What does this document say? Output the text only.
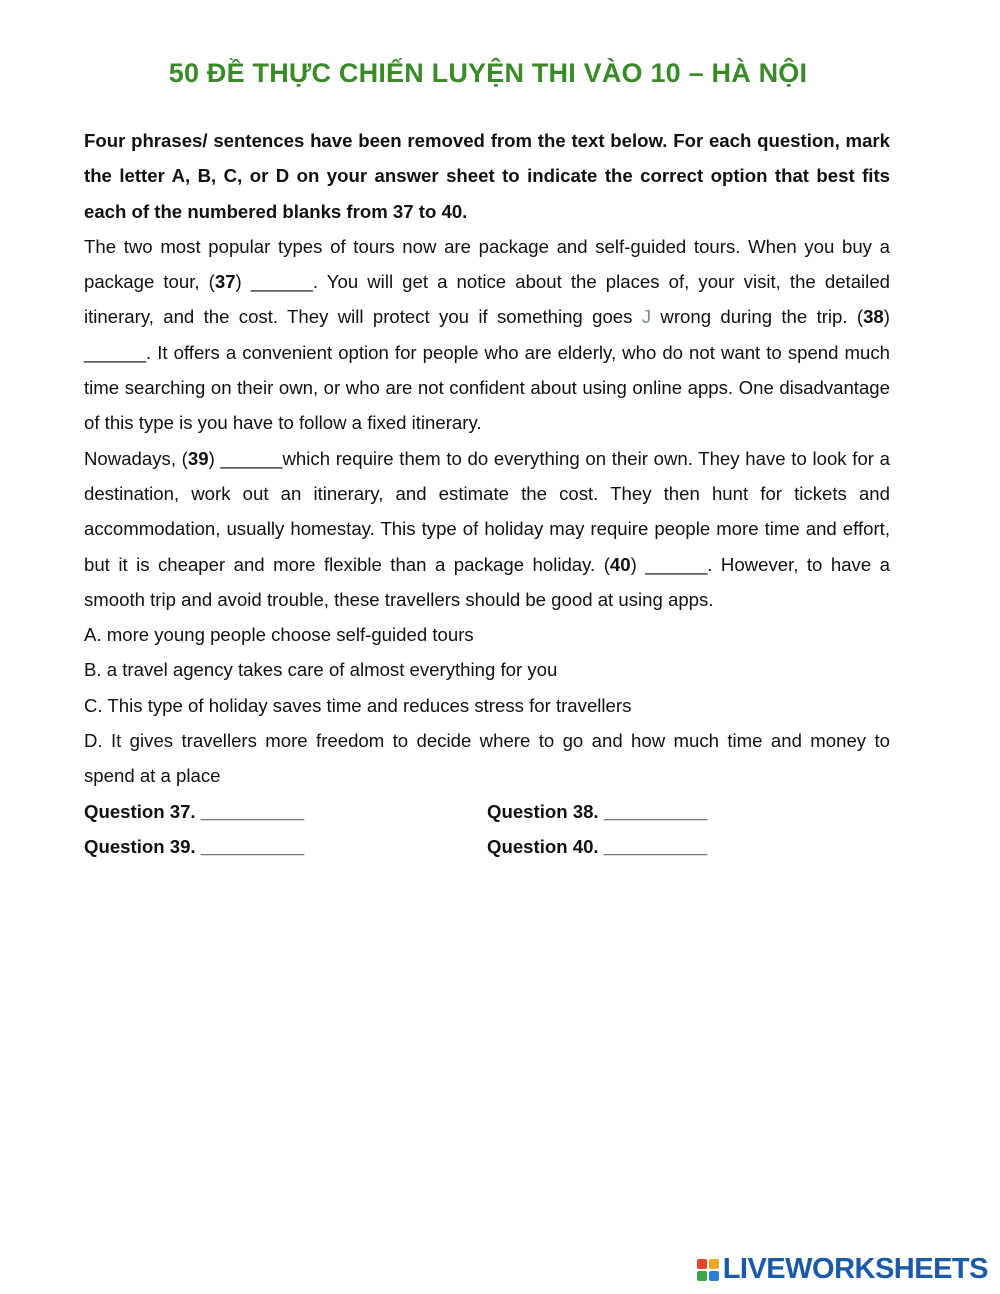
50 ĐỀ THỰC CHIẾN LUYỆN THI VÀO 10 – HÀ NỘI

Four phrases/ sentences have been removed from the text below. For each question, mark the letter A, B, C, or D on your answer sheet to indicate the correct option that best fits each of the numbered blanks from 37 to 40.

The two most popular types of tours now are package and self-guided tours. When you buy a package tour, (37) ______. You will get a notice about the places of, your visit, the detailed itinerary, and the cost. They will protect you if something goes J wrong during the trip. (38) ______. It offers a convenient option for people who are elderly, who do not want to spend much time searching on their own, or who are not confident about using online apps. One disadvantage of this type is you have to follow a fixed itinerary.

Nowadays, (39) ______which require them to do everything on their own. They have to look for a destination, work out an itinerary, and estimate the cost. They then hunt for tickets and accommodation, usually homestay. This type of holiday may require people more time and effort, but it is cheaper and more flexible than a package holiday. (40) ______. However, to have a smooth trip and avoid trouble, these travellers should be good at using apps.

A. more young people choose self-guided tours

B. a travel agency takes care of almost everything for you

C. This type of holiday saves time and reduces stress for travellers

D. It gives travellers more freedom to decide where to go and how much time and money to spend at a place

Question 37. __________	Question 38. __________
Question 39. __________	Question 40. __________
LIVEWORKSHEETS
